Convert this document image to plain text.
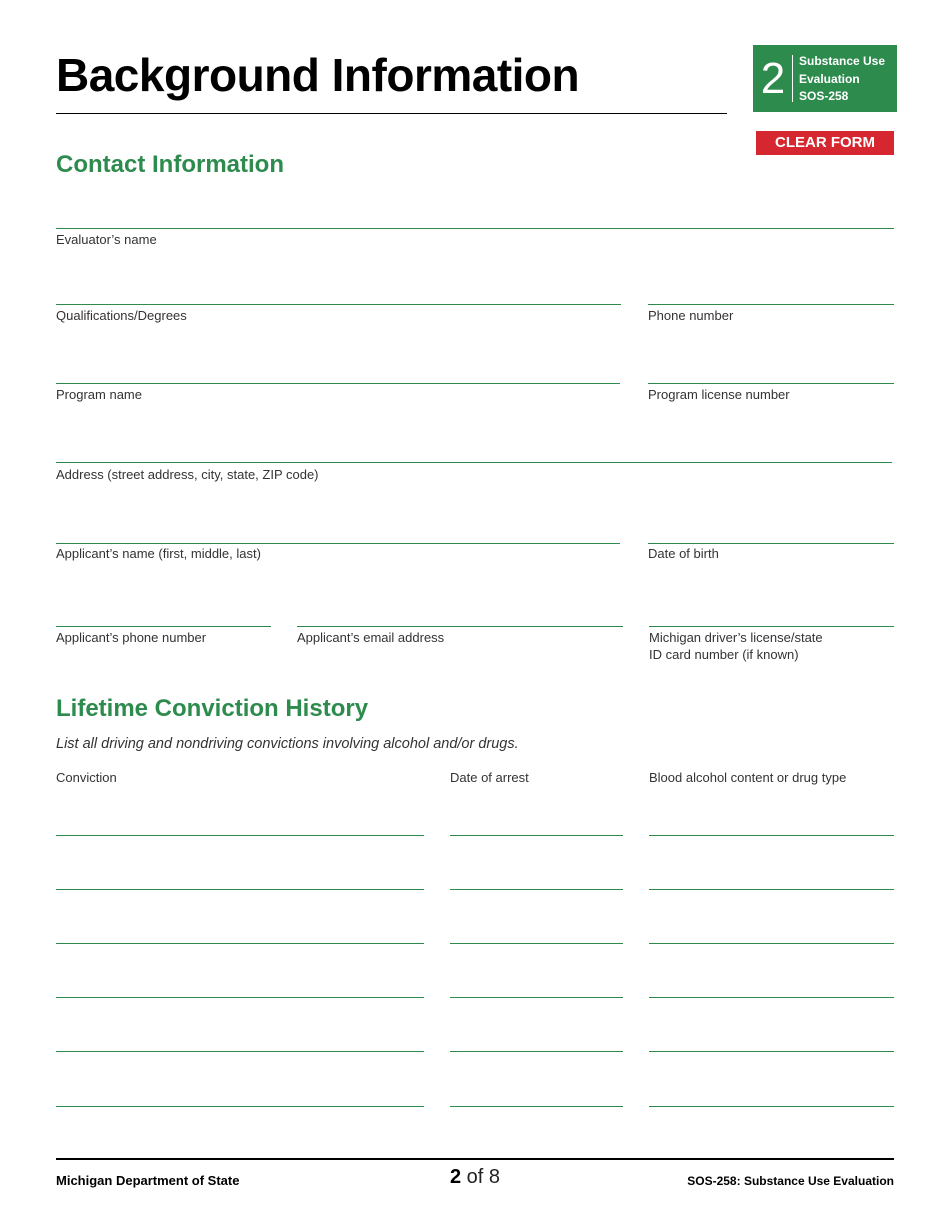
Background Information	2 Substance Use
Evaluation
SOS-258
CLEAR FORM
Contact Information
Evaluator’s name
Qualifications/Degrees	Phone number
Program name	Program license number
Address (street address, city, state, ZIP code)
Applicant’s name (first, middle, last)	Date of birth
Applicant’s phone number	Applicant’s email address	Michigan driver’s license/state
ID card number (if known)
Lifetime Conviction History
List all driving and nondriving convictions involving alcohol and/or drugs.
Conviction	Date of arrest	Blood alcohol content or drug type
Michigan Department of State	2 of 8	SOS-258: Substance Use Evaluation
